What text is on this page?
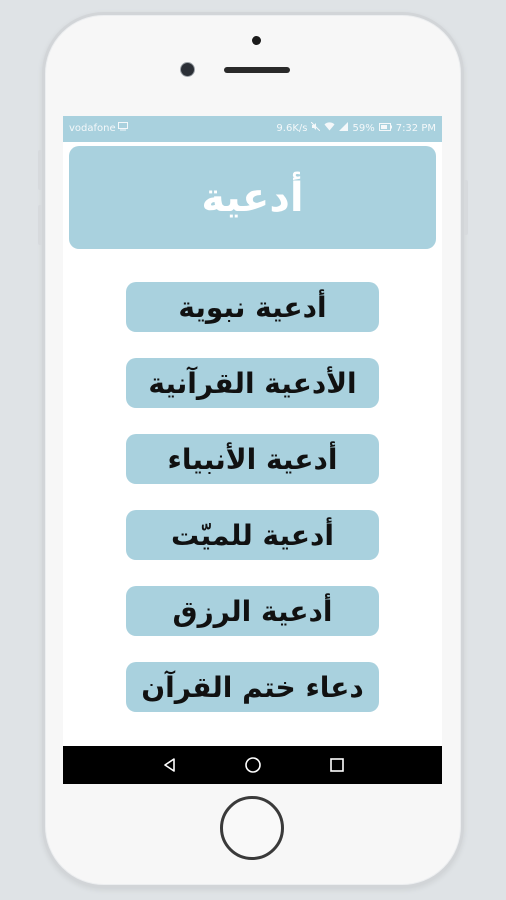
vodafone	9.6K/s	59% 7:32 PM
أدعية
أدعية نبوية
الأدعية القرآنية
أدعية الأنبياء
أدعية للميّت
أدعية الرزق
دعاء ختم القرآن
